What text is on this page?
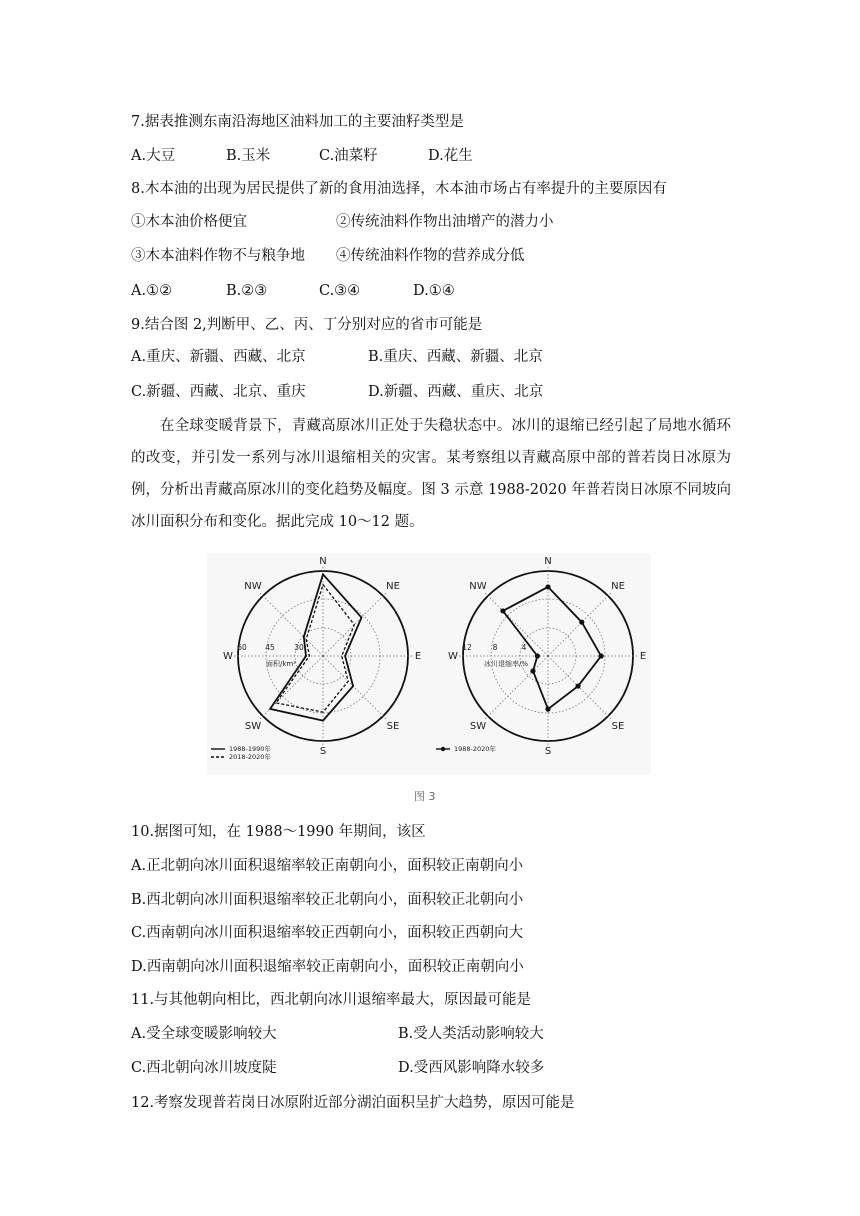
7.据表推测东南沿海地区油料加工的主要油籽类型是
A.大豆	B.玉米	C.油菜籽	D.花生
8.木本油的出现为居民提供了新的食用油选择，木本油市场占有率提升的主要原因有
①木本油价格便宜	②传统油料作物出油增产的潜力小
③木本油料作物不与粮争地 ④传统油料作物的营养成分低
A.①②	B.②③	C.③④	D.①④
9.结合图 2,判断甲、乙、丙、丁分别对应的省市可能是
A.重庆、新疆、西藏、北京	B.重庆、西藏、新疆、北京
C.新疆、西藏、北京、重庆	D.新疆、西藏、重庆、北京
在全球变暖背景下，青藏高原冰川正处于失稳状态中。冰川的退缩已经引起了局地水循环的改变，并引发一系列与冰川退缩相关的灾害。某考察组以青藏高原中部的普若岗日冰原为例，分析出青藏高原冰川的变化趋势及幅度。图 3 示意 1988-2020 年普若岗日冰原不同坡向冰川面积分布和变化。据此完成 10～12 题。
N
NE
E
SE
S
SW
W
NW
30
45
60
面积/km²
1988-1990年
2018-2020年
N
NE
E
SE
S
SW
W
NW
4
8
12
冰川退缩率/%
1988-2020年
图 3
10.据图可知，在 1988～1990 年期间，该区
A.正北朝向冰川面积退缩率较正南朝向小，面积较正南朝向小
B.西北朝向冰川面积退缩率较正北朝向小，面积较正北朝向小
C.西南朝向冰川面积退缩率较正西朝向小，面积较正西朝向大
D.西南朝向冰川面积退缩率较正南朝向小，面积较正南朝向小
11.与其他朝向相比，西北朝向冰川退缩率最大，原因最可能是
A.受全球变暖影响较大	B.受人类活动影响较大
C.西北朝向冰川坡度陡	D.受西风影响降水较多
12.考察发现普若岗日冰原附近部分湖泊面积呈扩大趋势，原因可能是
